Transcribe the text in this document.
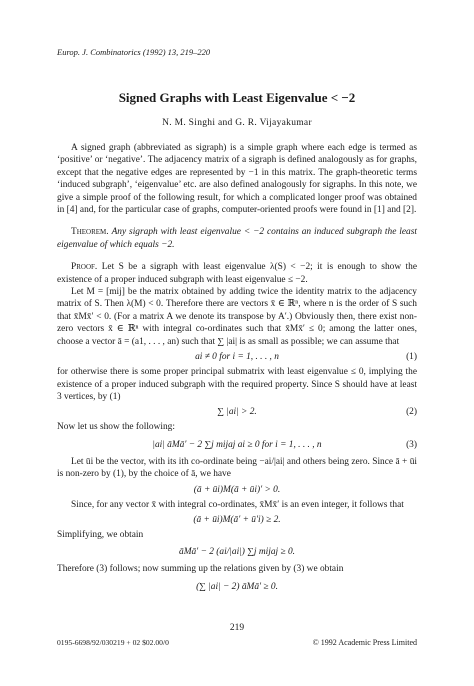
Europ. J. Combinatorics (1992) 13, 219–220
Signed Graphs with Least Eigenvalue < −2
N. M. Singhi and G. R. Vijayakumar

A signed graph (abbreviated as sigraph) is a simple graph where each edge is termed as ‘positive’ or ‘negative’. The adjacency matrix of a sigraph is defined analogously as for graphs, except that the negative edges are represented by −1 in this matrix. The graph-theoretic terms ‘induced subgraph’, ‘eigenvalue’ etc. are also defined analogously for sigraphs. In this note, we give a simple proof of the following result, for which a complicated longer proof was obtained in [4] and, for the particular case of graphs, computer-oriented proofs were found in [1] and [2].

Theorem. Any sigraph with least eigenvalue < −2 contains an induced subgraph the least eigenvalue of which equals −2.

Proof. Let S be a sigraph with least eigenvalue λ(S) < −2; it is enough to show the existence of a proper induced subgraph with least eigenvalue ≤ −2.

Let M = [mij] be the matrix obtained by adding twice the identity matrix to the adjacency matrix of S. Then λ(M) < 0. Therefore there are vectors x̄ ∈ ℝⁿ, where n is the order of S such that x̄Mx̄′ < 0. (For a matrix A we denote its transpose by A′.) Obviously then, there exist non-zero vectors x̄ ∈ ℝⁿ with integral co-ordinates such that x̄Mx̄′ ≤ 0; among the latter ones, choose a vector ā = (a1, . . . , an) such that ∑ |ai| is as small as possible; we can assume that

ai ≠ 0 for i = 1, . . . , n	(1)

for otherwise there is some proper principal submatrix with least eigenvalue ≤ 0, implying the existence of a proper induced subgraph with the required property. Since S should have at least 3 vertices, by (1)

∑ |ai| > 2.	(2)

Now let us show the following:

|ai| āMā′ − 2 ∑j mijaj ai ≥ 0 for i = 1, . . . , n	(3)

Let ūi be the vector, with its ith co-ordinate being −ai/|ai| and others being zero. Since ā + ūi is non-zero by (1), by the choice of ā, we have

(ā + ūi)M(ā + ūi)′ > 0.

Since, for any vector x̄ with integral co-ordinates, x̄Mx̄′ is an even integer, it follows that

(ā + ūi)M(ā′ + ū′i) ≥ 2.

Simplifying, we obtain

āMā′ − 2 (ai/|ai|) ∑j mijaj ≥ 0.

Therefore (3) follows; now summing up the relations given by (3) we obtain

(∑ |ai| − 2) āMā′ ≥ 0.
219
0195-6698/92/030219 + 02 $02.00/0	© 1992 Academic Press Limited
